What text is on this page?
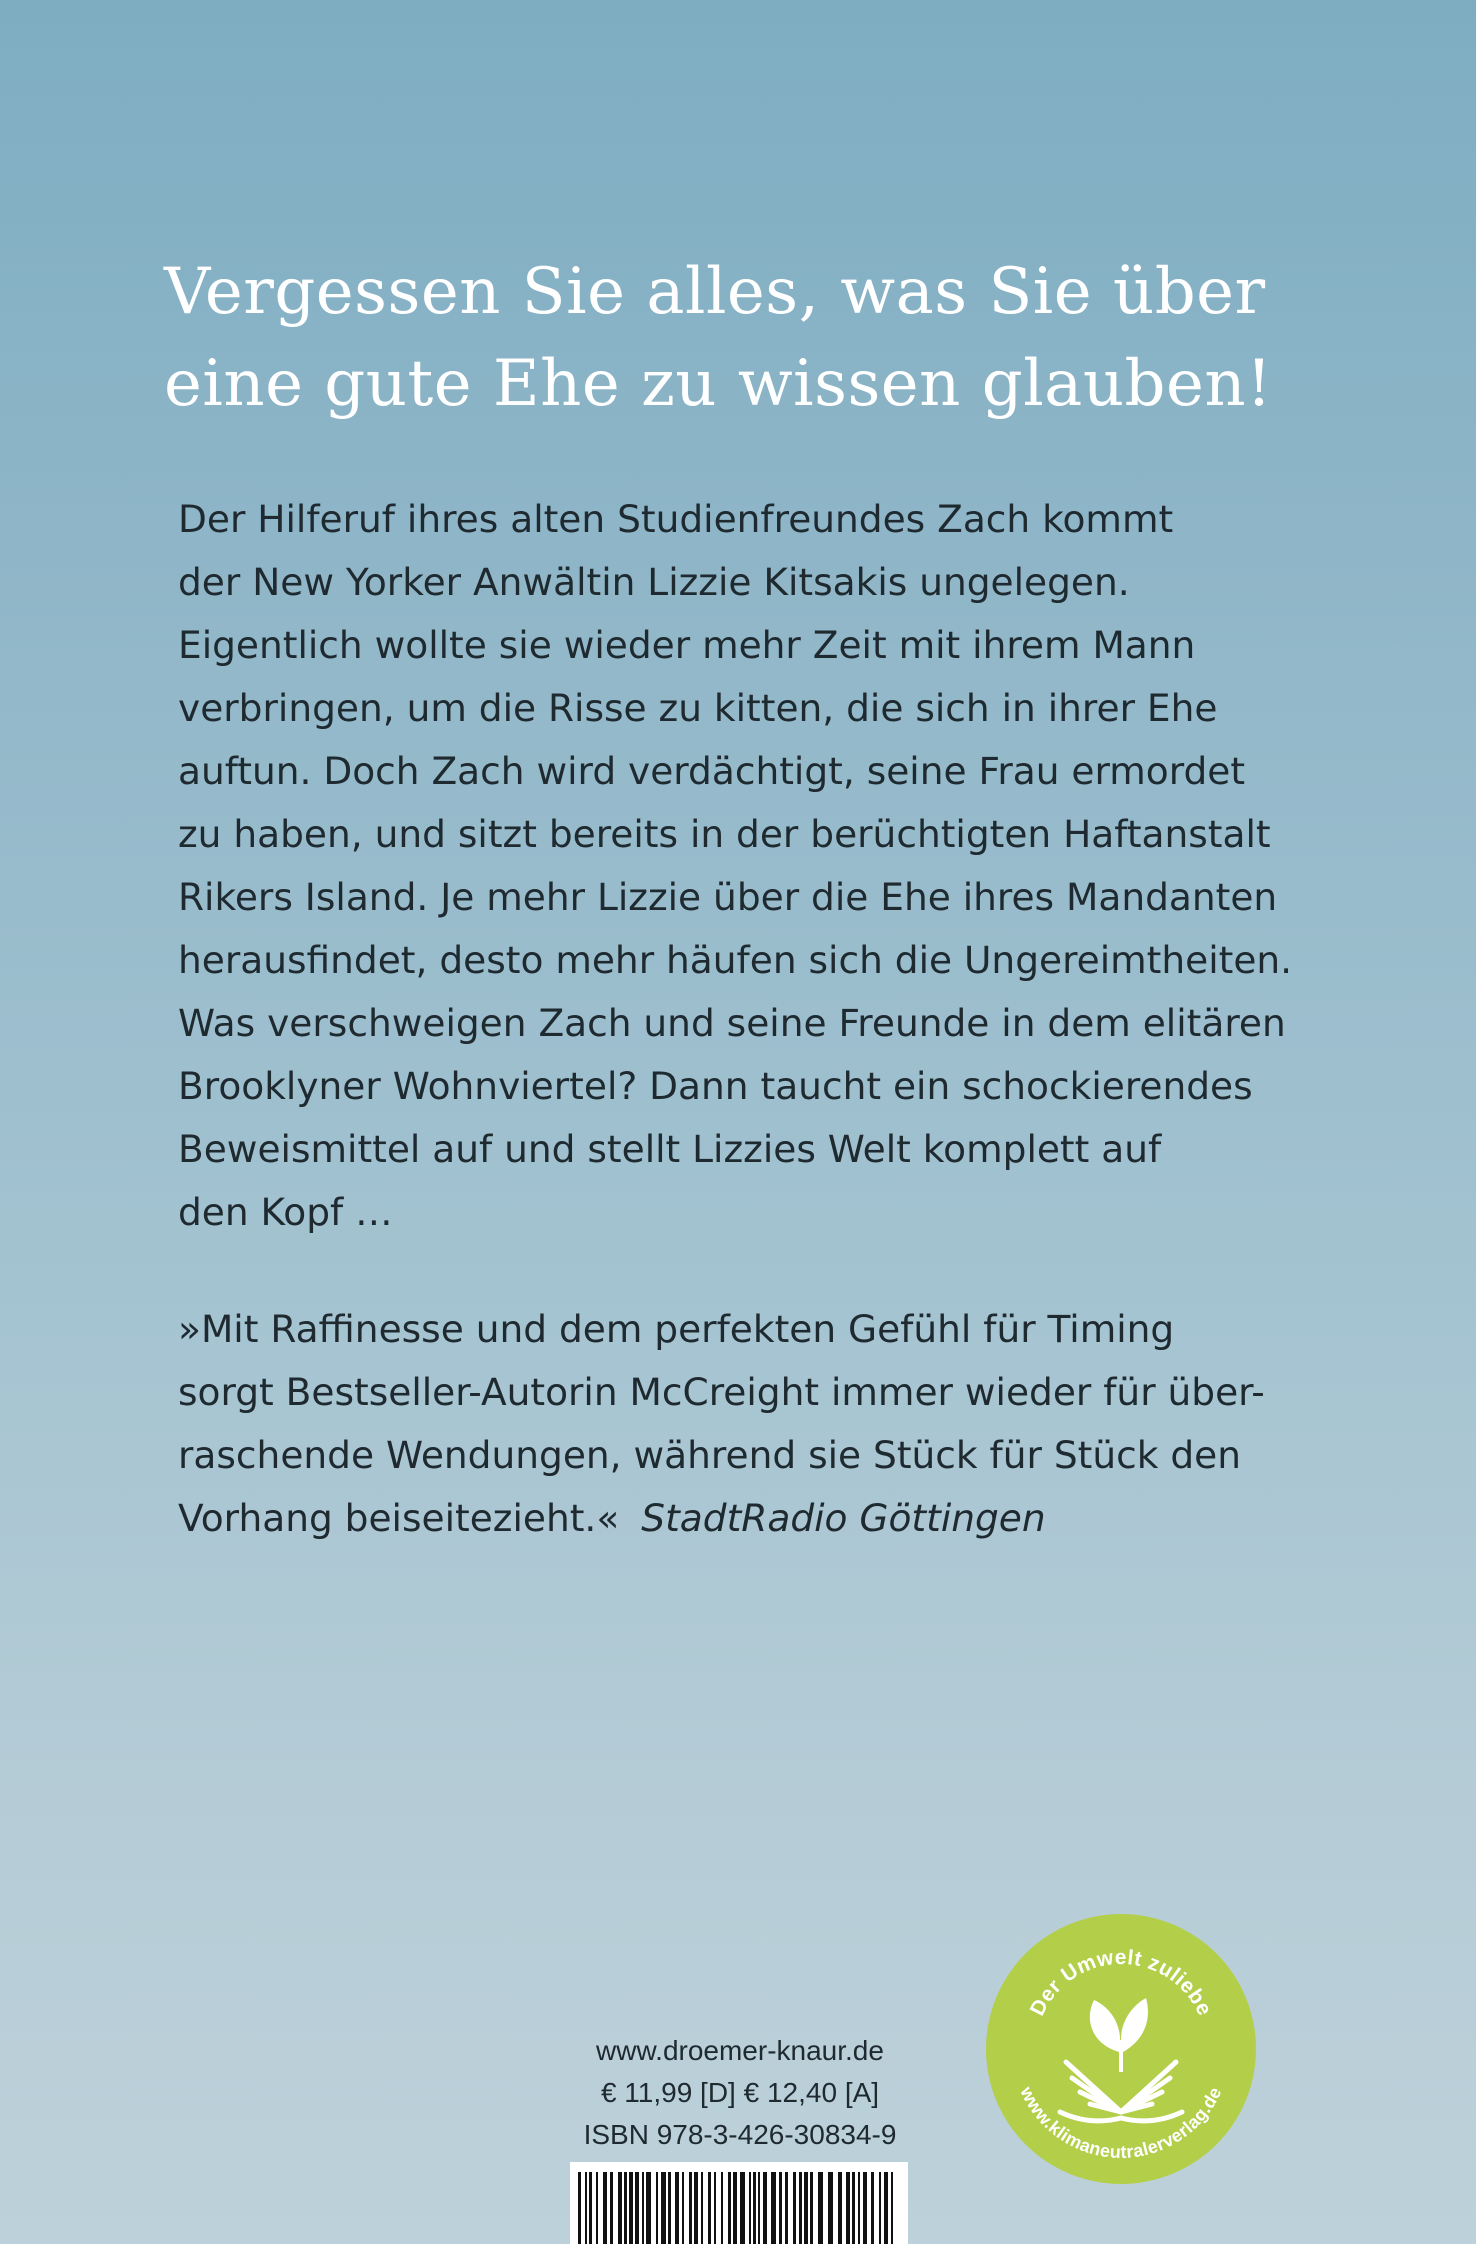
Vergessen Sie alles, was Sie über
eine gute Ehe zu wissen glauben!
Der Hilferuf ihres alten Studienfreundes Zach kommt
der New Yorker Anwältin Lizzie Kitsakis ungelegen.
Eigentlich wollte sie wieder mehr Zeit mit ihrem Mann
verbringen, um die Risse zu kitten, die sich in ihrer Ehe
auftun. Doch Zach wird verdächtigt, seine Frau ermordet
zu haben, und sitzt bereits in der berüchtigten Haftanstalt
Rikers Island. Je mehr Lizzie über die Ehe ihres Mandanten
herausfindet, desto mehr häufen sich die Ungereimtheiten.
Was verschweigen Zach und seine Freunde in dem elitären
Brooklyner Wohnviertel? Dann taucht ein schockierendes
Beweismittel auf und stellt Lizzies Welt komplett auf
den Kopf …
»Mit Raffinesse und dem perfekten Gefühl für Timing
sorgt Bestseller-Autorin McCreight immer wieder für über-
raschende Wendungen, während sie Stück für Stück den
Vorhang beiseitezieht.« StadtRadio Göttingen
www.droemer-knaur.de
€ 11,99 [D] € 12,40 [A]
ISBN 978-3-426-30834-9
Der Umwelt zuliebe
www.klimaneutralerverlag.de
